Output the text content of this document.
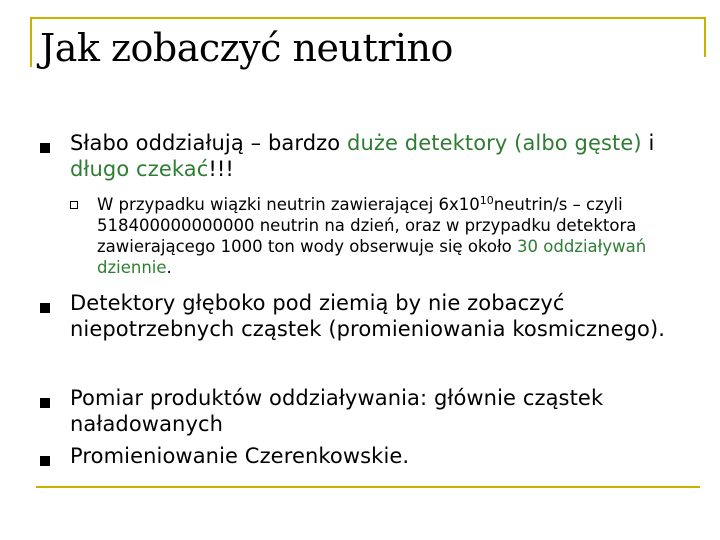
Jak zobaczyć neutrino
Słabo oddziałują – bardzo duże detektory (albo gęste) i długo czekać!!!
W przypadku wiązki neutrin zawierającej $6x10^{10}neutrin/s$ – czyli 518400000000000 neutrin na dzień, oraz w przypadku detektora zawierającego 1000 ton wody obserwuje się około 30 oddziaływań dziennie.
Detektory głęboko pod ziemią by nie zobaczyć niepotrzebnych cząstek (promieniowania kosmicznego).
Pomiar produktów oddziaływania: głównie cząstek naładowanych
Promieniowanie Czerenkowskie.
